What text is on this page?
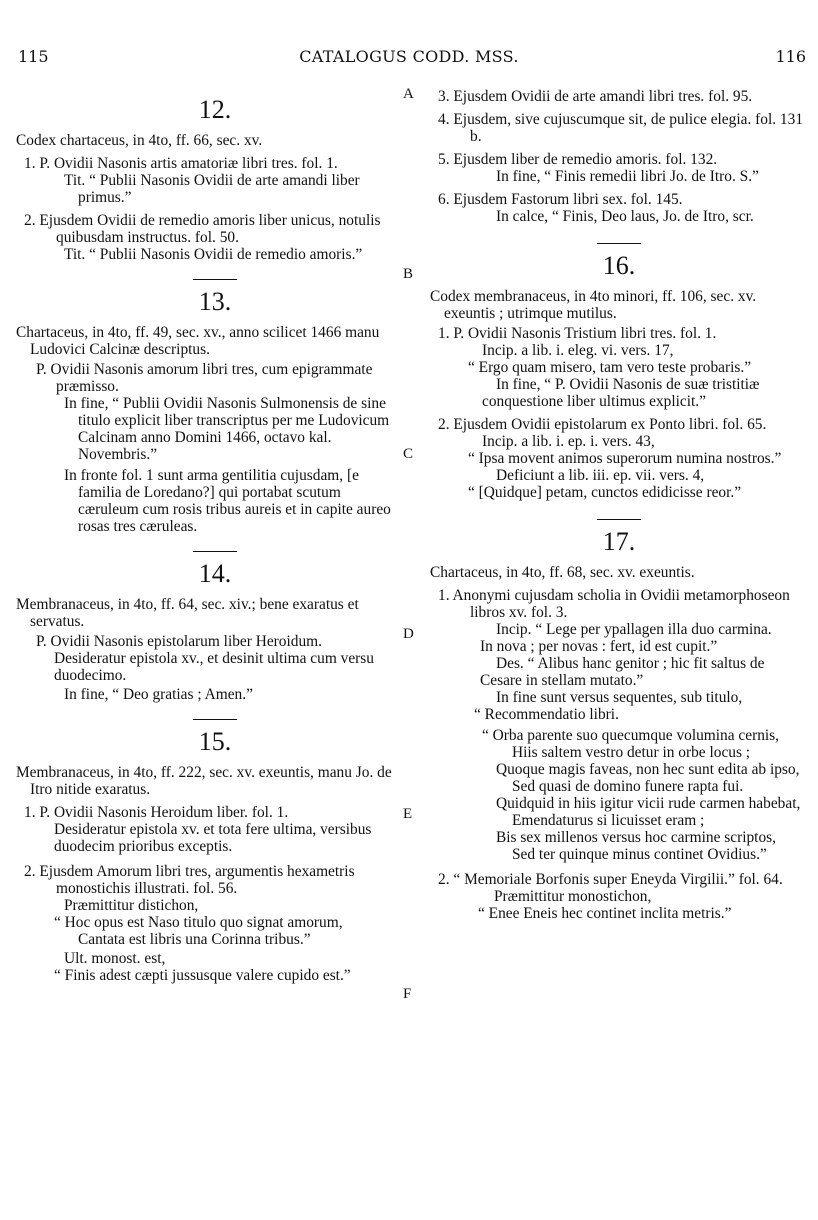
115	CATALOGUS CODD. MSS.	116
A
B
C
D
E
F
12.

Codex chartaceus, in 4to, ff. 66, sec. xv.

1. P. Ovidii Nasonis artis amatoriæ libri tres. fol. 1.

Tit. “ Publii Nasonis Ovidii de arte amandi liber primus.”

2. Ejusdem Ovidii de remedio amoris liber unicus, notulis quibusdam instructus. fol. 50.

Tit. “ Publii Nasonis Ovidii de remedio amoris.”

13.

Chartaceus, in 4to, ff. 49, sec. xv., anno scilicet 1466 manu Ludovici Calcinæ descriptus.

P. Ovidii Nasonis amorum libri tres, cum epigrammate præmisso.

In fine, “ Publii Ovidii Nasonis Sulmonensis de sine titulo explicit liber transcriptus per me Ludovicum Calcinam anno Domini 1466, octavo kal. Novembris.”

In fronte fol. 1 sunt arma gentilitia cujusdam, [e familia de Loredano?] qui portabat scutum cæruleum cum rosis tribus aureis et in capite aureo rosas tres cæruleas.

14.

Membranaceus, in 4to, ff. 64, sec. xiv.; bene exaratus et servatus.

P. Ovidii Nasonis epistolarum liber Heroidum.

Desideratur epistola xv., et desinit ultima cum versu duodecimo.

In fine, “ Deo gratias ; Amen.”

15.

Membranaceus, in 4to, ff. 222, sec. xv. exeuntis, manu Jo. de Itro nitide exaratus.

1. P. Ovidii Nasonis Heroidum liber. fol. 1.

Desideratur epistola xv. et tota fere ultima, versibus duodecim prioribus exceptis.

2. Ejusdem Amorum libri tres, argumentis hexametris monostichis illustrati. fol. 56.

Præmittitur distichon,

“ Hoc opus est Naso titulo quo signat amorum,

Cantata est libris una Corinna tribus.”

Ult. monost. est,

“ Finis adest cæpti jussusque valere cupido est.”

3. Ejusdem Ovidii de arte amandi libri tres. fol. 95.

4. Ejusdem, sive cujuscumque sit, de pulice elegia. fol. 131 b.

5. Ejusdem liber de remedio amoris. fol. 132.

In fine, “ Finis remedii libri Jo. de Itro. S.”

6. Ejusdem Fastorum libri sex. fol. 145.

In calce, “ Finis, Deo laus, Jo. de Itro, scr.

16.

Codex membranaceus, in 4to minori, ff. 106, sec. xv. exeuntis ; utrimque mutilus.

1. P. Ovidii Nasonis Tristium libri tres. fol. 1.

Incip. a lib. i. eleg. vi. vers. 17,

“ Ergo quam misero, tam vero teste probaris.”

In fine, “ P. Ovidii Nasonis de suæ tristitiæ conquestione liber ultimus explicit.”

2. Ejusdem Ovidii epistolarum ex Ponto libri. fol. 65.

Incip. a lib. i. ep. i. vers. 43,

“ Ipsa movent animos superorum numina nostros.”

Deficiunt a lib. iii. ep. vii. vers. 4,

“ [Quidque] petam, cunctos edidicisse reor.”

17.

Chartaceus, in 4to, ff. 68, sec. xv. exeuntis.

1. Anonymi cujusdam scholia in Ovidii metamorphoseon libros xv. fol. 3.

Incip. “ Lege per ypallagen illa duo carmina.

In nova ; per novas : fert, id est cupit.”

Des. “ Alibus hanc genitor ; hic fit saltus de Cesare in stellam mutato.”

In fine sunt versus sequentes, sub titulo,

“ Recommendatio libri.

“ Orba parente suo quecumque volumina cernis,

Hiis saltem vestro detur in orbe locus ;

Quoque magis faveas, non hec sunt edita ab ipso,

Sed quasi de domino funere rapta fui.

Quidquid in hiis igitur vicii rude carmen habebat,

Emendaturus si licuisset eram ;

Bis sex millenos versus hoc carmine scriptos,

Sed ter quinque minus continet Ovidius.”

2. “ Memoriale Borfonis super Eneyda Virgilii.” fol. 64.

Præmittitur monostichon,

“ Enee Eneis hec continet inclita metris.”
